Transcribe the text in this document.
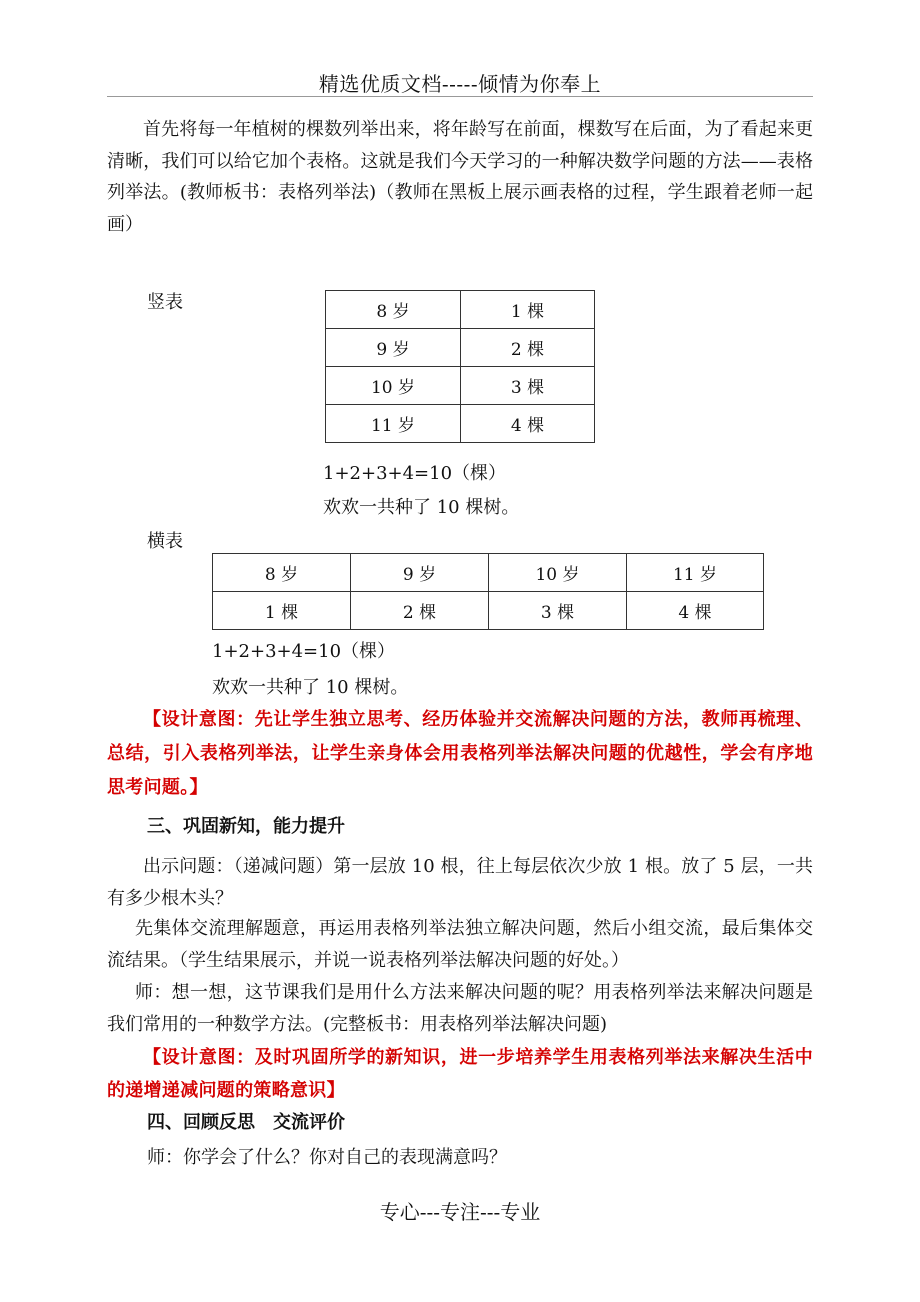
精选优质文档-----倾情为你奉上

首先将每一年植树的棵数列举出来，将年龄写在前面，棵数写在后面，为了看起来更清晰，我们可以给它加个表格。这就是我们今天学习的一种解决数学问题的方法——表格列举法。(教师板书：表格列举法)（教师在黑板上展示画表格的过程，学生跟着老师一起画）

竖表	8 岁	1 棵
9 岁	2 棵
10 岁	3 棵
11 岁	4 棵
1+2+3+4=10（棵）
欢欢一共种了 10 棵树。
横表
8 岁	9 岁	10 岁	11 岁
1 棵	2 棵	3 棵	4 棵
1+2+3+4=10（棵）
欢欢一共种了 10 棵树。

【设计意图：先让学生独立思考、经历体验并交流解决问题的方法，教师再梳理、总结，引入表格列举法，让学生亲身体会用表格列举法解决问题的优越性，学会有序地思考问题。】

三、巩固新知，能力提升

出示问题：（递减问题）第一层放 10 根，往上每层依次少放 1 根。放了 5 层，一共有多少根木头？

先集体交流理解题意，再运用表格列举法独立解决问题，然后小组交流，最后集体交流结果。（学生结果展示，并说一说表格列举法解决问题的好处。）

师：想一想，这节课我们是用什么方法来解决问题的呢？用表格列举法来解决问题是我们常用的一种数学方法。(完整板书：用表格列举法解决问题)

【设计意图：及时巩固所学的新知识，进一步培养学生用表格列举法来解决生活中的递增递减问题的策略意识】

四、回顾反思　交流评价
师：你学会了什么？你对自己的表现满意吗？
专心---专注---专业
